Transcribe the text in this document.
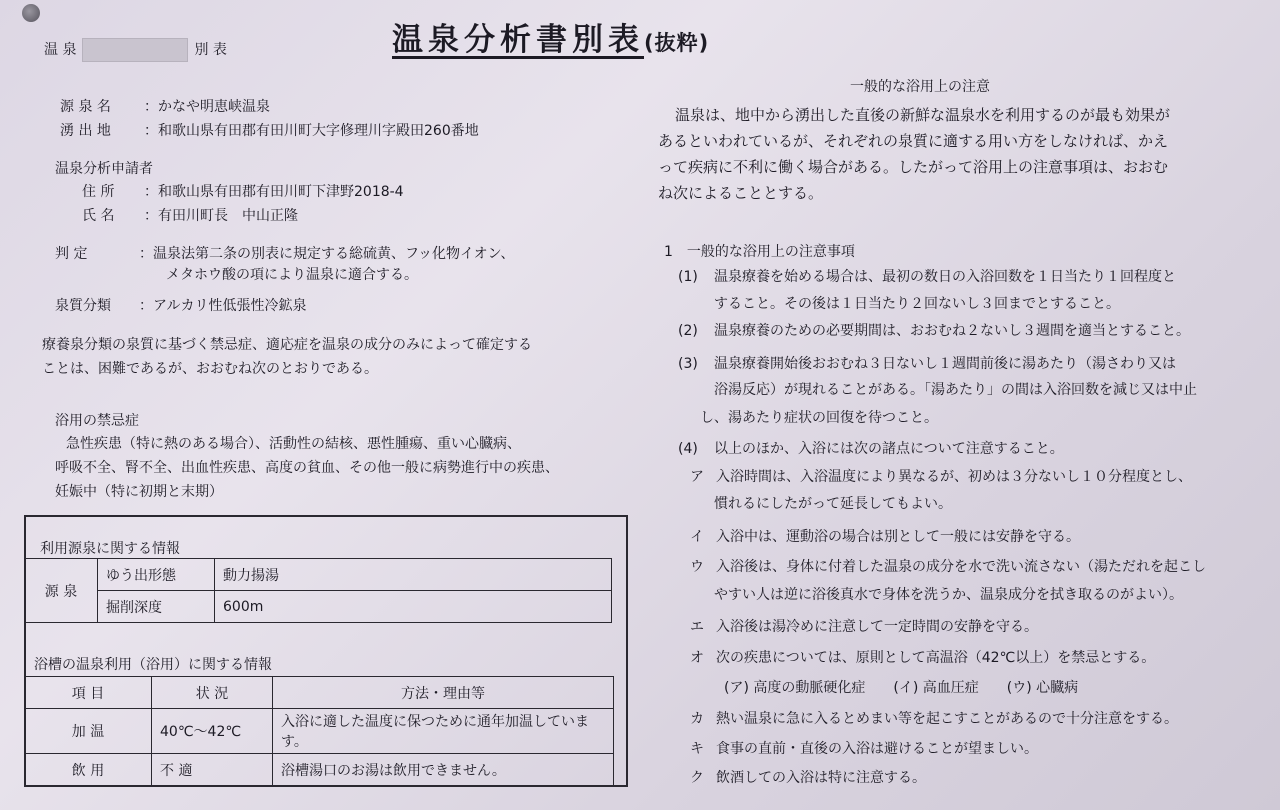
温 泉	別 表	温泉分析書別表(抜粋)
源 泉 名 ：かなや明恵峡温泉
湧 出 地 ：和歌山県有田郡有田川町大字修理川字殿田260番地
温泉分析申請者
住 所 ：和歌山県有田郡有田川町下津野2018-4
氏 名 ：有田川町長　中山正隆
判 定	：温泉法第二条の別表に規定する総硫黄、フッ化物イオン、
メタホウ酸の項により温泉に適合する。
泉質分類 ：アルカリ性低張性冷鉱泉
療養泉分類の泉質に基づく禁忌症、適応症を温泉の成分のみによって確定する
ことは、困難であるが、おおむね次のとおりである。
浴用の禁忌症
急性疾患（特に熱のある場合）、活動性の結核、悪性腫瘍、重い心臓病、
呼吸不全、腎不全、出血性疾患、高度の貧血、その他一般に病勢進行中の疾患、
妊娠中（特に初期と末期）
利用源泉に関する情報
源 泉	ゆう出形態	動力揚湯
	掘削深度	600m
浴槽の温泉利用（浴用）に関する情報
項 目	状 況	方法・理由等
加 温	40℃～42℃	入浴に適した温度に保つために通年加温しています。
飲 用	不 適	浴槽湯口のお湯は飲用できません。
一般的な浴用上の注意
温泉は、地中から湧出した直後の新鮮な温泉水を利用するのが最も効果が
あるといわれているが、それぞれの泉質に適する用い方をしなければ、かえ
って疾病に不利に働く場合がある。したがって浴用上の注意事項は、おおむ
ね次によることとする。
1　 一般的な浴用上の注意事項
(1) 温泉療養を始める場合は、最初の数日の入浴回数を１日当たり１回程度と
すること。その後は１日当たり２回ないし３回までとすること。
(2) 温泉療養のための必要期間は、おおむね２ないし３週間を適当とすること。
(3) 温泉療養開始後おおむね３日ないし１週間前後に湯あたり（湯さわり又は
浴湯反応）が現れることがある。「湯あたり」の間は入浴回数を減じ又は中止
し、湯あたり症状の回復を待つこと。
(4) 以上のほか、入浴には次の諸点について注意すること。
ア 入浴時間は、入浴温度により異なるが、初めは３分ないし１０分程度とし、
慣れるにしたがって延長してもよい。
イ 入浴中は、運動浴の場合は別として一般には安静を守る。
ウ 入浴後は、身体に付着した温泉の成分を水で洗い流さない（湯ただれを起こし
やすい人は逆に浴後真水で身体を洗うか、温泉成分を拭き取るのがよい）。
エ 入浴後は湯冷めに注意して一定時間の安静を守る。
オ 次の疾患については、原則として高温浴（42℃以上）を禁忌とする。
(ア) 高度の動脈硬化症　　(イ) 高血圧症　　(ウ) 心臓病
カ 熱い温泉に急に入るとめまい等を起こすことがあるので十分注意をする。
キ 食事の直前・直後の入浴は避けることが望ましい。
ク 飲酒しての入浴は特に注意する。
